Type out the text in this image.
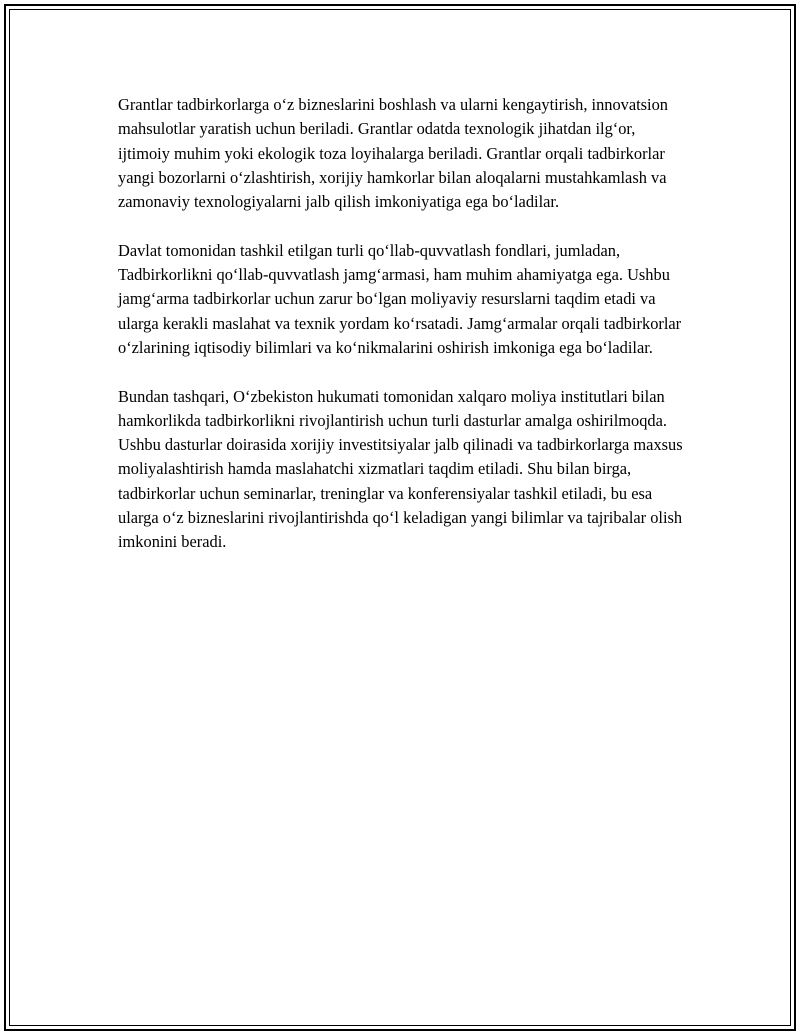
Grantlar tadbirkorlarga o‘z bizneslarini boshlash va ularni kengaytirish, innovatsion mahsulotlar yaratish uchun beriladi. Grantlar odatda texnologik jihatdan ilg‘or, ijtimoiy muhim yoki ekologik toza loyihalarga beriladi. Grantlar orqali tadbirkorlar yangi bozorlarni o‘zlashtirish, xorijiy hamkorlar bilan aloqalarni mustahkamlash va zamonaviy texnologiyalarni jalb qilish imkoniyatiga ega bo‘ladilar.

Davlat tomonidan tashkil etilgan turli qo‘llab-quvvatlash fondlari, jumladan, Tadbirkorlikni qo‘llab-quvvatlash jamg‘armasi, ham muhim ahamiyatga ega. Ushbu jamg‘arma tadbirkorlar uchun zarur bo‘lgan moliyaviy resurslarni taqdim etadi va ularga kerakli maslahat va texnik yordam ko‘rsatadi. Jamg‘armalar orqali tadbirkorlar o‘zlarining iqtisodiy bilimlari va ko‘nikmalarini oshirish imkoniga ega bo‘ladilar.

Bundan tashqari, O‘zbekiston hukumati tomonidan xalqaro moliya institutlari bilan hamkorlikda tadbirkorlikni rivojlantirish uchun turli dasturlar amalga oshirilmoqda. Ushbu dasturlar doirasida xorijiy investitsiyalar jalb qilinadi va tadbirkorlarga maxsus moliyalashtirish hamda maslahatchi xizmatlari taqdim etiladi. Shu bilan birga, tadbirkorlar uchun seminarlar, treninglar va konferensiyalar tashkil etiladi, bu esa ularga o‘z bizneslarini rivojlantirishda qo‘l keladigan yangi bilimlar va tajribalar olish imkonini beradi.
